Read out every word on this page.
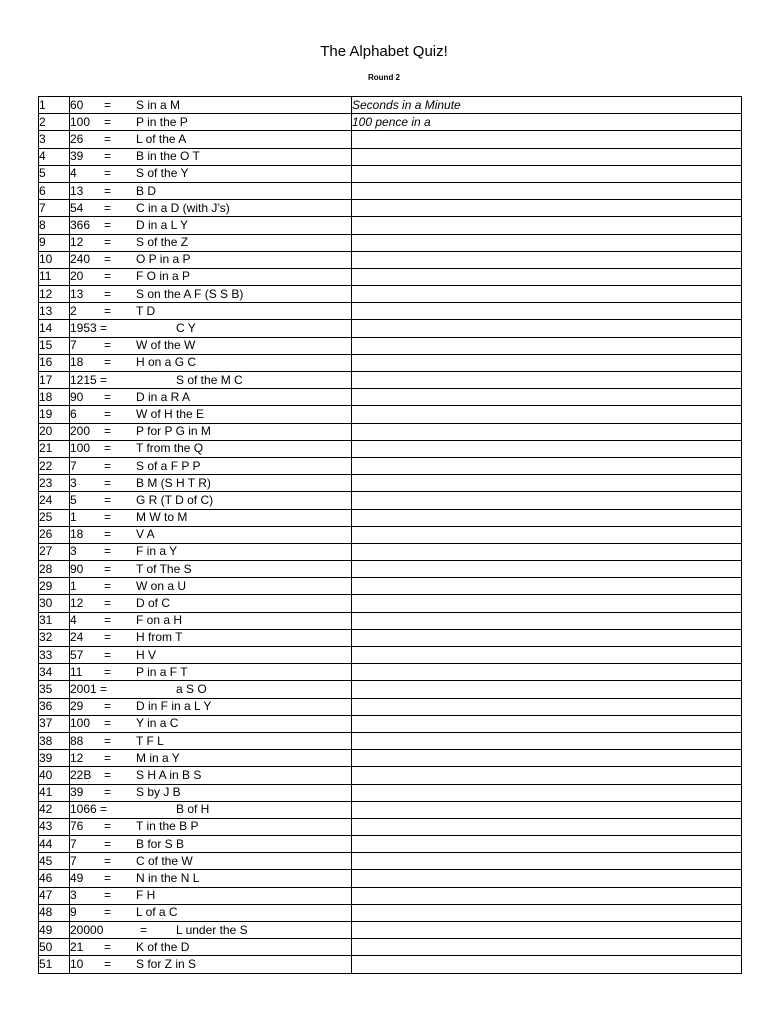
The Alphabet Quiz!
Round 2
1	60 = S in a M	Seconds in a Minute
2	100 = P in the P	100 pence in a
3	26 = L of the A	
4	39 = B in the O T	
5	4 = S of the Y	
6	13 = B D	
7	54 = C in a D (with J’s)	
8	366 = D in a L Y	
9	12 = S of the Z	
10	240 = O P in a P	
11	20 = F O in a P	
12	13 = S on the A F (S S B)	
13	2 = T D	
14	1953 = C Y	
15	7 = W of the W	
16	18 = H on a G C	
17	1215 = S of the M C	
18	90 = D in a R A	
19	6 = W of H the E	
20	200 = P for P G in M	
21	100 = T from the Q	
22	7 = S of a F P P	
23	3 = B M (S H T R)	
24	5 = G R (T D of C)	
25	1 = M W to M	
26	18 = V A	
27	3 = F in a Y	
28	90 = T of The S	
29	1 = W on a U	
30	12 = D of C	
31	4 = F on a H	
32	24 = H from T	
33	57 = H V	
34	11 = P in a F T	
35	2001 = a S O	
36	29 = D in F in a L Y	
37	100 = Y in a C	
38	88 = T F L	
39	12 = M in a Y	
40	22B = S H A in B S	
41	39 = S by J B	
42	1066 = B of H	
43	76 = T in the B P	
44	7 = B for S B	
45	7 = C of the W	
46	49 = N in the N L	
47	3 = F H	
48	9 = L of a C	
49	20000 = L under the S	
50	21 = K of the D	
51	10 = S for Z in S	
